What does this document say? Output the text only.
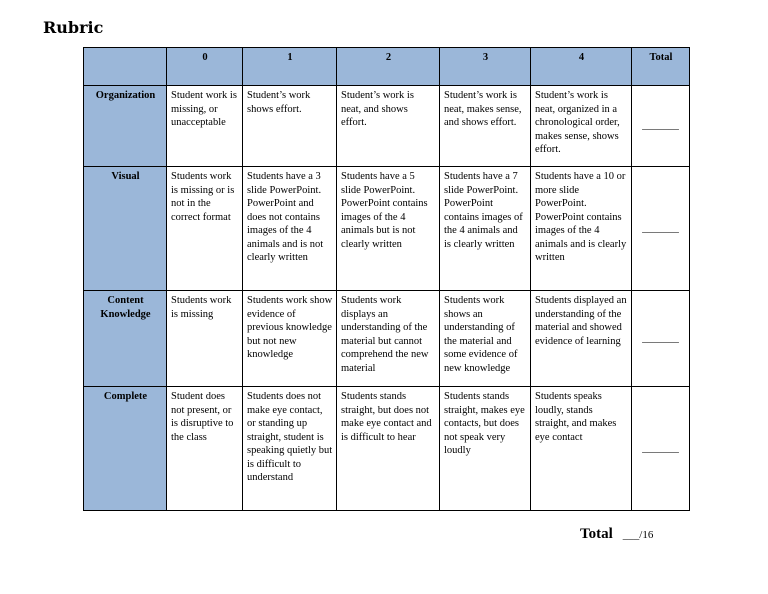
Rubric
	0	1	2	3	4	Total
Organization	Student work is missing, or unacceptable	Student’s work shows effort.	Student’s work is neat, and shows effort.	Student’s work is neat, makes sense, and shows effort.	Student’s work is neat, organized in a chronological order, makes sense, shows effort.	_______
Visual	Students work is missing or is not in the correct format	Students have a 3 slide PowerPoint. PowerPoint and does not contains images of the 4 animals and is not clearly written	Students have a 5 slide PowerPoint. PowerPoint contains images of the 4 animals but is not clearly written	Students have a 7 slide PowerPoint. PowerPoint contains images of the 4 animals and is clearly written	Students have a 10 or more slide PowerPoint. PowerPoint contains images of the 4 animals and is clearly written	_______
Content Knowledge	Students work is missing	Students work show evidence of previous knowledge but not new knowledge	Students work displays an understanding of the material but cannot comprehend the new material	Students work shows an understanding of the material and some evidence of new knowledge	Students displayed an understanding of the material and showed evidence of learning	_______
Complete	Student does not present, or is disruptive to the class	Students does not make eye contact, or standing up straight, student is speaking quietly but is difficult to understand	Students stands straight, but does not make eye contact and is difficult to hear	Students stands straight, makes eye contacts, but does not speak very loudly	Students speaks loudly, stands straight, and makes eye contact	_______
Total ___/16
